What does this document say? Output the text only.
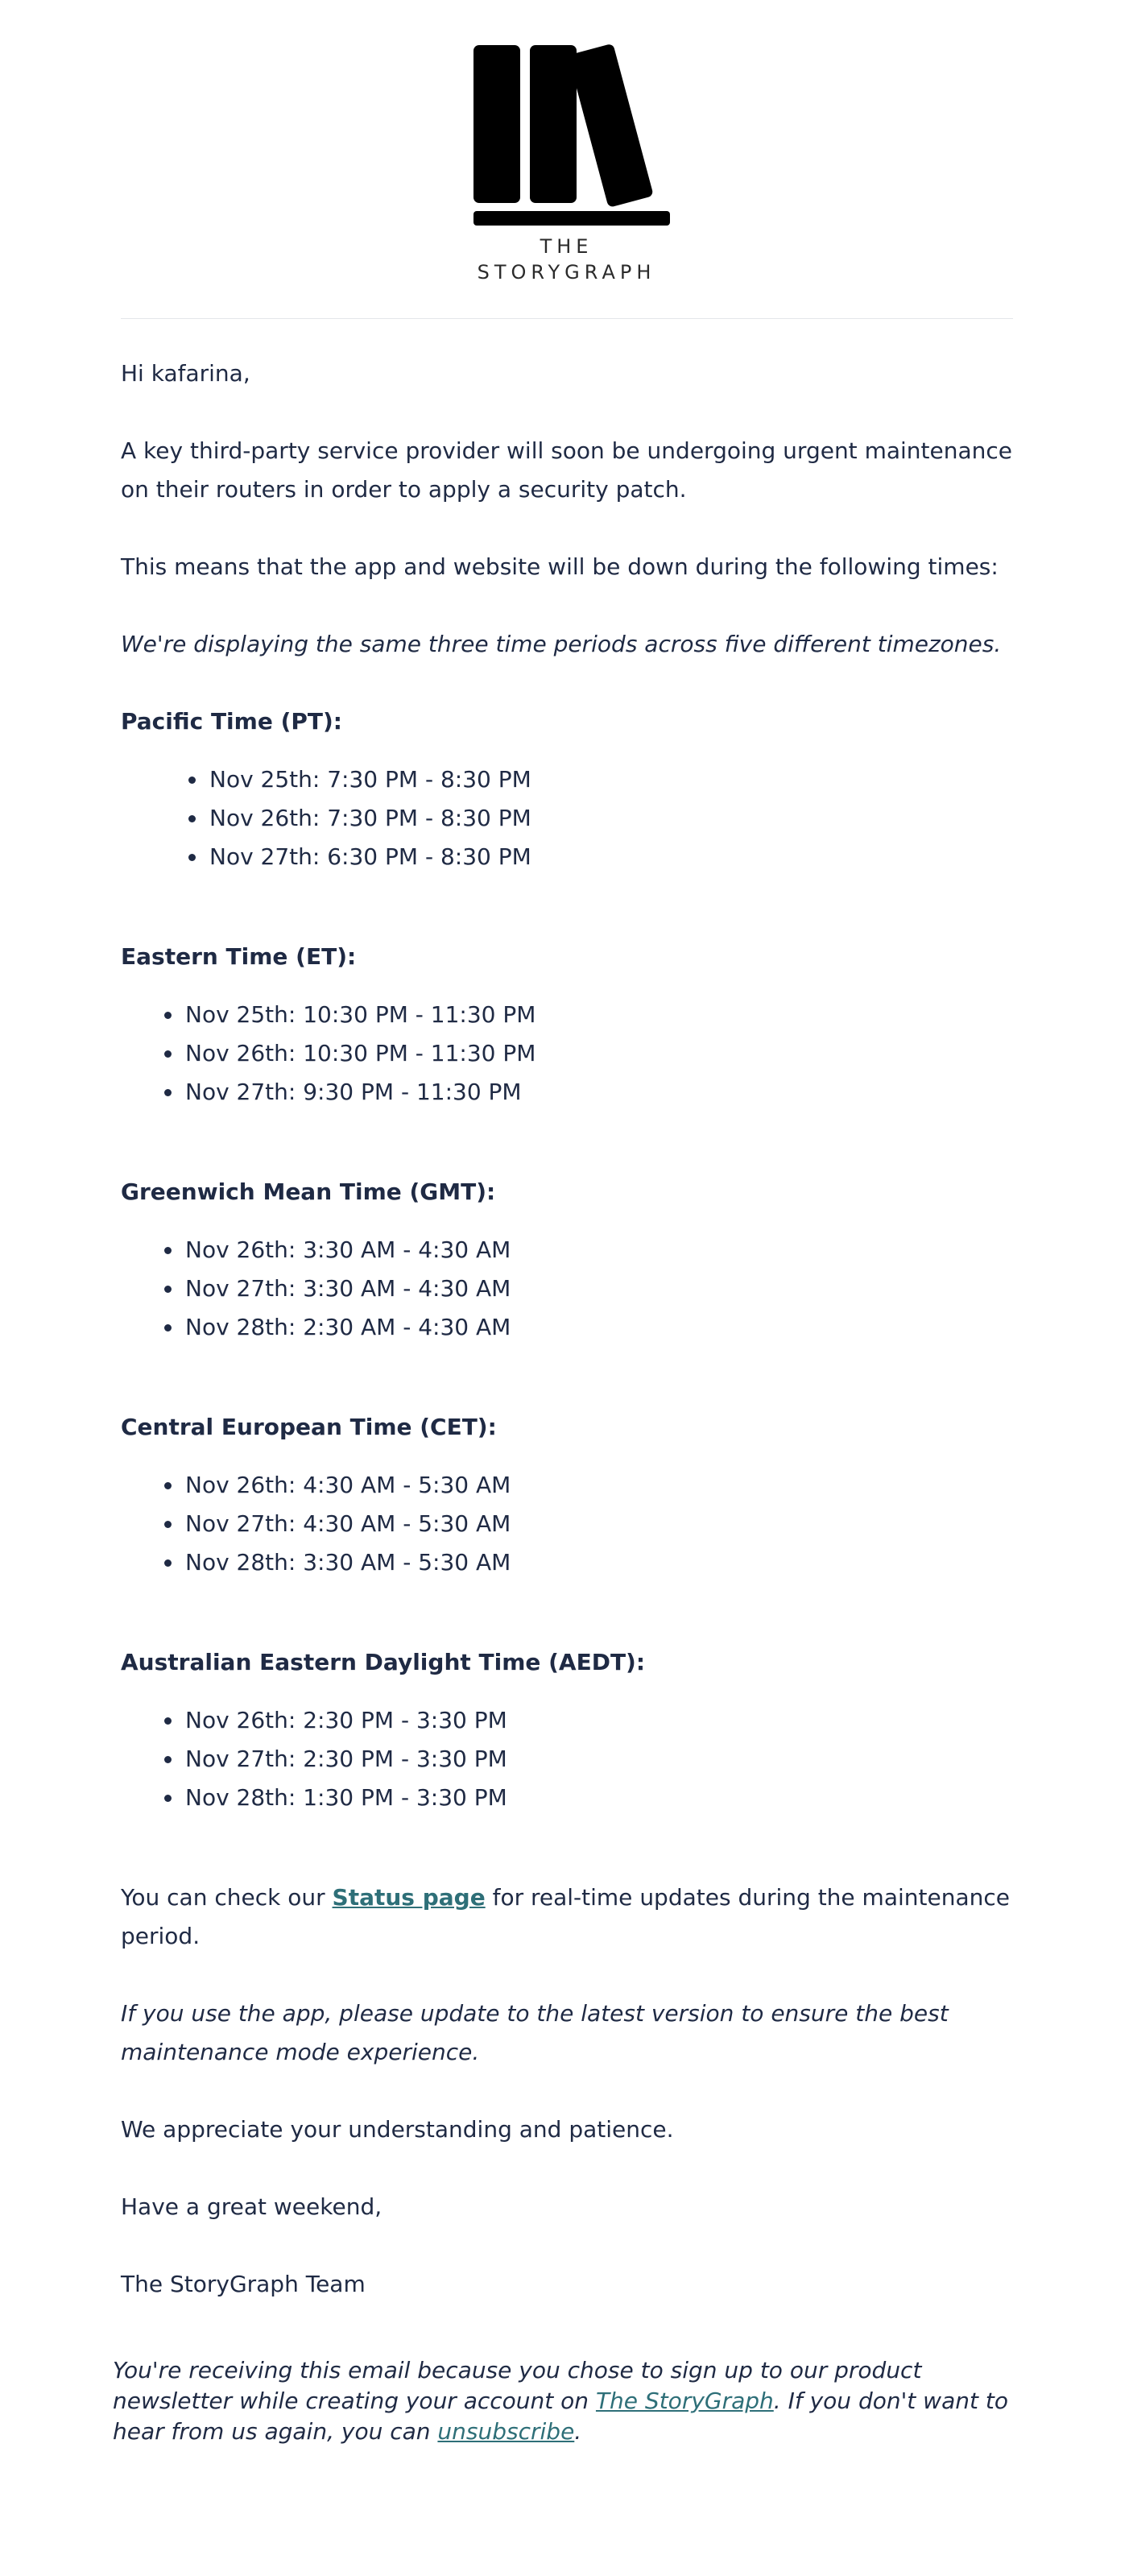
THE
STORYGRAPH

Hi kafarina,

A key third-party service provider will soon be undergoing urgent maintenance on their routers in order to apply a security patch.

This means that the app and website will be down during the following times:

We're displaying the same three time periods across five different timezones.

Pacific Time (PT):
Nov 25th: 7:30 PM - 8:30 PM
Nov 26th: 7:30 PM - 8:30 PM
Nov 27th: 6:30 PM - 8:30 PM
Eastern Time (ET):
Nov 25th: 10:30 PM - 11:30 PM
Nov 26th: 10:30 PM - 11:30 PM
Nov 27th: 9:30 PM - 11:30 PM
Greenwich Mean Time (GMT):
Nov 26th: 3:30 AM - 4:30 AM
Nov 27th: 3:30 AM - 4:30 AM
Nov 28th: 2:30 AM - 4:30 AM
Central European Time (CET):
Nov 26th: 4:30 AM - 5:30 AM
Nov 27th: 4:30 AM - 5:30 AM
Nov 28th: 3:30 AM - 5:30 AM
Australian Eastern Daylight Time (AEDT):
Nov 26th: 2:30 PM - 3:30 PM
Nov 27th: 2:30 PM - 3:30 PM
Nov 28th: 1:30 PM - 3:30 PM

You can check our Status page for real-time updates during the maintenance period.

If you use the app, please update to the latest version to ensure the best maintenance mode experience.

We appreciate your understanding and patience.

Have a great weekend,

The StoryGraph Team

You're receiving this email because you chose to sign up to our product newsletter while creating your account on The StoryGraph. If you don't want to hear from us again, you can unsubscribe.
